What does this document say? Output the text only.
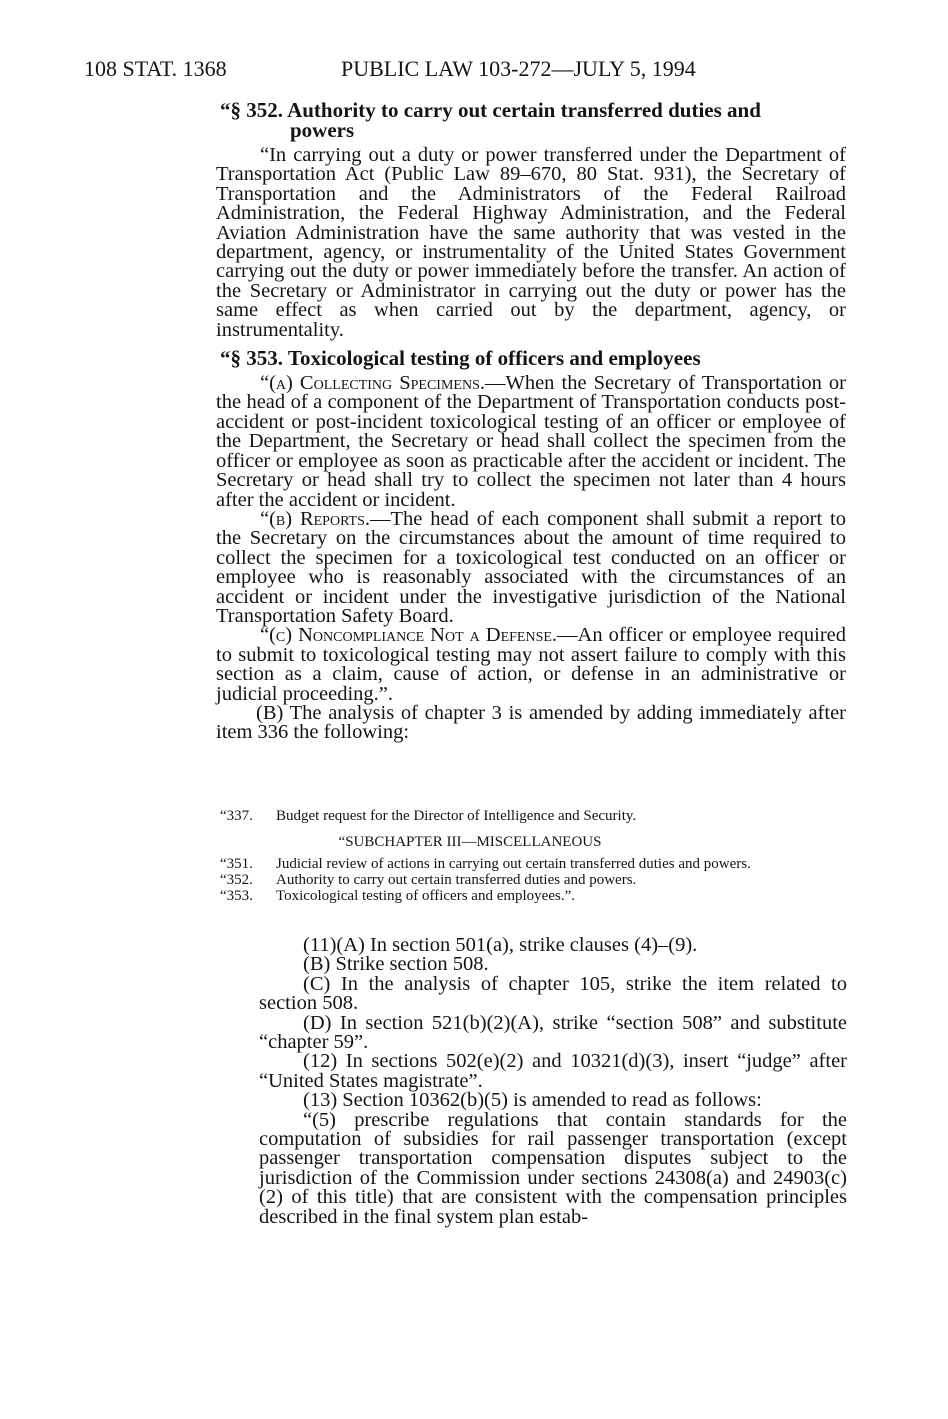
108 STAT. 1368	PUBLIC LAW 103-272—JULY 5, 1994
“§ 352. Authority to carry out certain transferred duties and
powers

“In carrying out a duty or power transferred under the Department of Transportation Act (Public Law 89–670, 80 Stat. 931), the Secretary of Transportation and the Administrators of the Federal Railroad Administration, the Federal Highway Administration, and the Federal Aviation Administration have the same authority that was vested in the department, agency, or instrumentality of the United States Government carrying out the duty or power immediately before the transfer. An action of the Secretary or Administrator in carrying out the duty or power has the same effect as when carried out by the department, agency, or instrumentality.

“§ 353. Toxicological testing of officers and employees

“(a) Collecting Specimens.—When the Secretary of Transportation or the head of a component of the Department of Transportation conducts post-accident or post-incident toxicological testing of an officer or employee of the Department, the Secretary or head shall collect the specimen from the officer or employee as soon as practicable after the accident or incident. The Secretary or head shall try to collect the specimen not later than 4 hours after the accident or incident.

“(b) Reports.—The head of each component shall submit a report to the Secretary on the circumstances about the amount of time required to collect the specimen for a toxicological test conducted on an officer or employee who is reasonably associated with the circumstances of an accident or incident under the investigative jurisdiction of the National Transportation Safety Board.

“(c) Noncompliance Not a Defense.—An officer or employee required to submit to toxicological testing may not assert failure to comply with this section as a claim, cause of action, or defense in an administrative or judicial proceeding.”.

(B) The analysis of chapter 3 is amended by adding immediately after item 336 the following:

“337. Budget request for the Director of Intelligence and Security.
“SUBCHAPTER III—MISCELLANEOUS
“351. Judicial review of actions in carrying out certain transferred duties and powers.
“352. Authority to carry out certain transferred duties and powers.
“353. Toxicological testing of officers and employees.”.

(11)(A) In section 501(a), strike clauses (4)–(9).

(B) Strike section 508.

(C) In the analysis of chapter 105, strike the item related to section 508.

(D) In section 521(b)(2)(A), strike “section 508” and substitute “chapter 59”.

(12) In sections 502(e)(2) and 10321(d)(3), insert “judge” after “United States magistrate”.

(13) Section 10362(b)(5) is amended to read as follows:

“(5) prescribe regulations that contain standards for the computation of subsidies for rail passenger transportation (except passenger transportation compensation disputes subject to the jurisdiction of the Commission under sections 24308(a) and 24903(c)(2) of this title) that are consistent with the compensation principles described in the final system plan estab-
